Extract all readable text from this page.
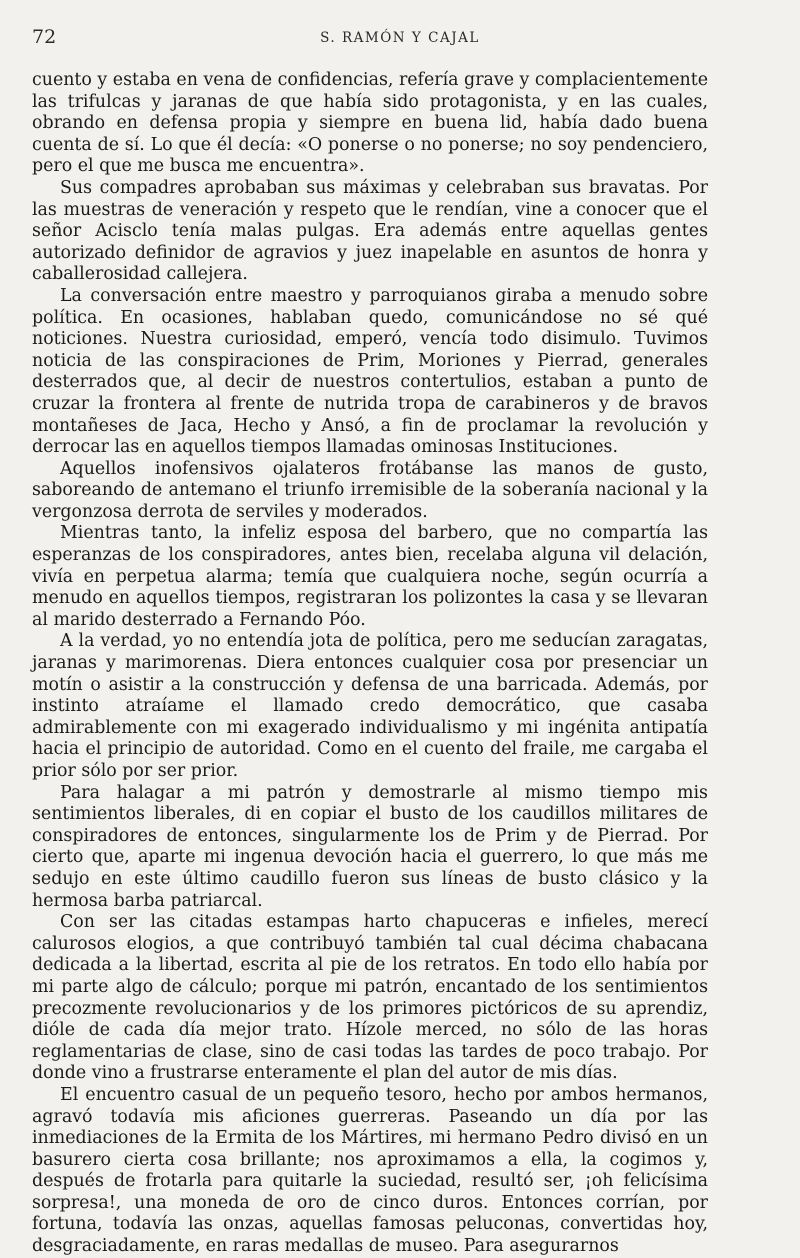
72	S. RAMÓN Y CAJAL

cuento y estaba en vena de confidencias, refería grave y complacientemente las trifulcas y jaranas de que había sido protagonista, y en las cuales, obrando en defensa propia y siempre en buena lid, había dado buena cuenta de sí. Lo que él decía: «O ponerse o no ponerse; no soy pendenciero, pero el que me busca me encuentra».

Sus compadres aprobaban sus máximas y celebraban sus bravatas. Por las muestras de veneración y respeto que le rendían, vine a conocer que el señor Acisclo tenía malas pulgas. Era además entre aquellas gentes autorizado definidor de agravios y juez inapelable en asuntos de honra y caballerosidad callejera.

La conversación entre maestro y parroquianos giraba a menudo sobre política. En ocasiones, hablaban quedo, comunicándose no sé qué noticiones. Nuestra curiosidad, emperó, vencía todo disimulo. Tuvimos noticia de las conspiraciones de Prim, Moriones y Pierrad, generales desterrados que, al decir de nuestros contertulios, estaban a punto de cruzar la frontera al frente de nutrida tropa de carabineros y de bravos montañeses de Jaca, Hecho y Ansó, a fin de proclamar la revolución y derrocar las en aquellos tiempos llamadas ominosas Instituciones.

Aquellos inofensivos ojalateros frotábanse las manos de gusto, saboreando de antemano el triunfo irremisible de la soberanía nacional y la vergonzosa derrota de serviles y moderados.

Mientras tanto, la infeliz esposa del barbero, que no compartía las esperanzas de los conspiradores, antes bien, recelaba alguna vil delación, vivía en perpetua alarma; temía que cualquiera noche, según ocurría a menudo en aquellos tiempos, registraran los polizontes la casa y se llevaran al marido desterrado a Fernando Póo.

A la verdad, yo no entendía jota de política, pero me seducían zaragatas, jaranas y marimorenas. Diera entonces cualquier cosa por presenciar un motín o asistir a la construcción y defensa de una barricada. Además, por instinto atraíame el llamado credo democrático, que casaba admirablemente con mi exagerado individualismo y mi ingénita antipatía hacia el principio de autoridad. Como en el cuento del fraile, me cargaba el prior sólo por ser prior.

Para halagar a mi patrón y demostrarle al mismo tiempo mis sentimientos liberales, di en copiar el busto de los caudillos militares de conspiradores de entonces, singularmente los de Prim y de Pierrad. Por cierto que, aparte mi ingenua devoción hacia el guerrero, lo que más me sedujo en este último caudillo fueron sus líneas de busto clásico y la hermosa barba patriarcal.

Con ser las citadas estampas harto chapuceras e infieles, merecí calurosos elogios, a que contribuyó también tal cual décima chabacana dedicada a la libertad, escrita al pie de los retratos. En todo ello había por mi parte algo de cálculo; porque mi patrón, encantado de los sentimientos precozmente revolucionarios y de los primores pictóricos de su aprendiz, dióle de cada día mejor trato. Hízole merced, no sólo de las horas reglamentarias de clase, sino de casi todas las tardes de poco trabajo. Por donde vino a frustrarse enteramente el plan del autor de mis días.

El encuentro casual de un pequeño tesoro, hecho por ambos hermanos, agravó todavía mis aficiones guerreras. Paseando un día por las inmediaciones de la Ermita de los Mártires, mi hermano Pedro divisó en un basurero cierta cosa brillante; nos aproximamos a ella, la cogimos y, después de frotarla para quitarle la suciedad, resultó ser, ¡oh felicísima sorpresa!, una moneda de oro de cinco duros. Entonces corrían, por fortuna, todavía las onzas, aquellas famosas peluconas, convertidas hoy, desgraciadamente, en raras medallas de museo. Para asegurarnos
